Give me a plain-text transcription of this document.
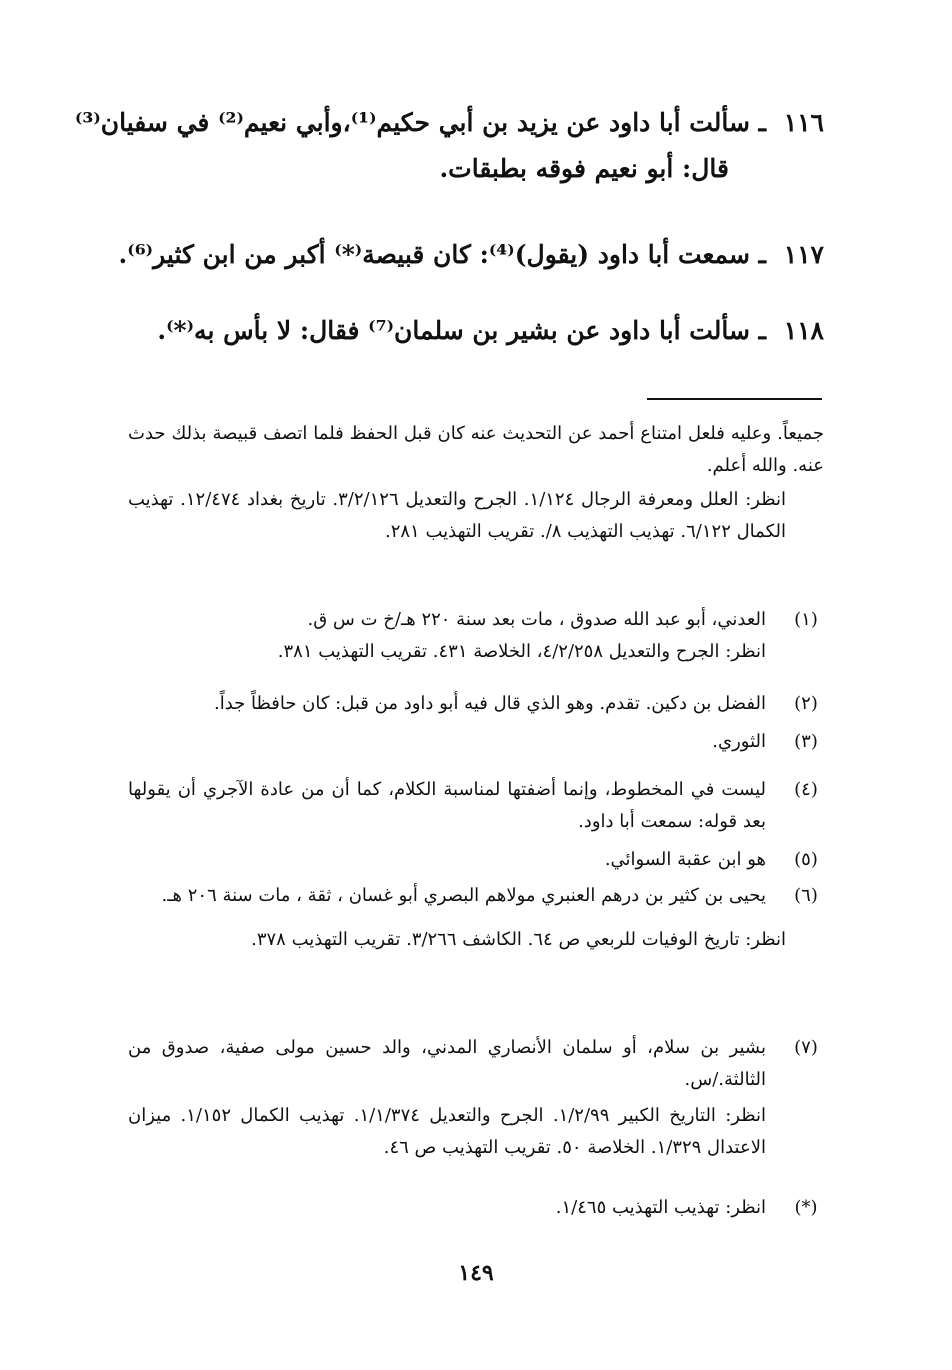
١١٦ـ سألت أبا داود عن يزيد بن أبي حكيم⁽¹⁾،وأبي نعيم⁽²⁾ في سفيان⁽³⁾
قال: أبو نعيم فوقه بطبقات.
١١٧ـ سمعت أبا داود (يقول)⁽⁴⁾: كان قبيصة⁽*⁾ أكبر من ابن كثير⁽⁶⁾.
١١٨ـ سألت أبا داود عن بشير بن سلمان⁽⁷⁾ فقال: لا بأس به⁽*⁾.
جميعاً. وعليه فلعل امتناع أحمد عن التحديث عنه كان قبل الحفظ فلما اتصف قبيصة بذلك حدث عنه. والله أعلم.
انظر: العلل ومعرفة الرجال ١/١٢٤. الجرح والتعديل ٣/٢/١٢٦. تاريخ بغداد ١٢/٤٧٤. تهذيب الكمال ٦/١٢٢. تهذيب التهذيب ٨/. تقريب التهذيب ٢٨١.
(١)
العدني، أبو عبد الله صدوق ، مات بعد سنة ٢٢٠ هـ/خ ت س ق.
انظر: الجرح والتعديل ٤/٢/٢٥٨، الخلاصة ٤٣١. تقريب التهذيب ٣٨١.
(٢)
الفضل بن دكين. تقدم. وهو الذي قال فيه أبو داود من قبل: كان حافظاً جداً.
(٣)
الثوري.
(٤)
ليست في المخطوط، وإنما أضفتها لمناسبة الكلام، كما أن من عادة الآجري أن يقولها بعد قوله: سمعت أبا داود.
(٥)
هو ابن عقبة السوائي.
(٦)
يحيى بن كثير بن درهم العنبري مولاهم البصري أبو غسان ، ثقة ، مات سنة ٢٠٦ هـ.
انظر: تاريخ الوفيات للربعي ص ٦٤. الكاشف ٣/٢٦٦. تقريب التهذيب ٣٧٨.
(٧)
بشير بن سلام، أو سلمان الأنصاري المدني، والد حسين مولى صفية، صدوق من الثالثة./س.
انظر: التاريخ الكبير ١/٢/٩٩. الجرح والتعديل ١/١/٣٧٤. تهذيب الكمال ١/١٥٢. ميزان الاعتدال ١/٣٢٩. الخلاصة ٥٠. تقريب التهذيب ص ٤٦.
(*)
انظر: تهذيب التهذيب ١/٤٦٥.
١٤٩
